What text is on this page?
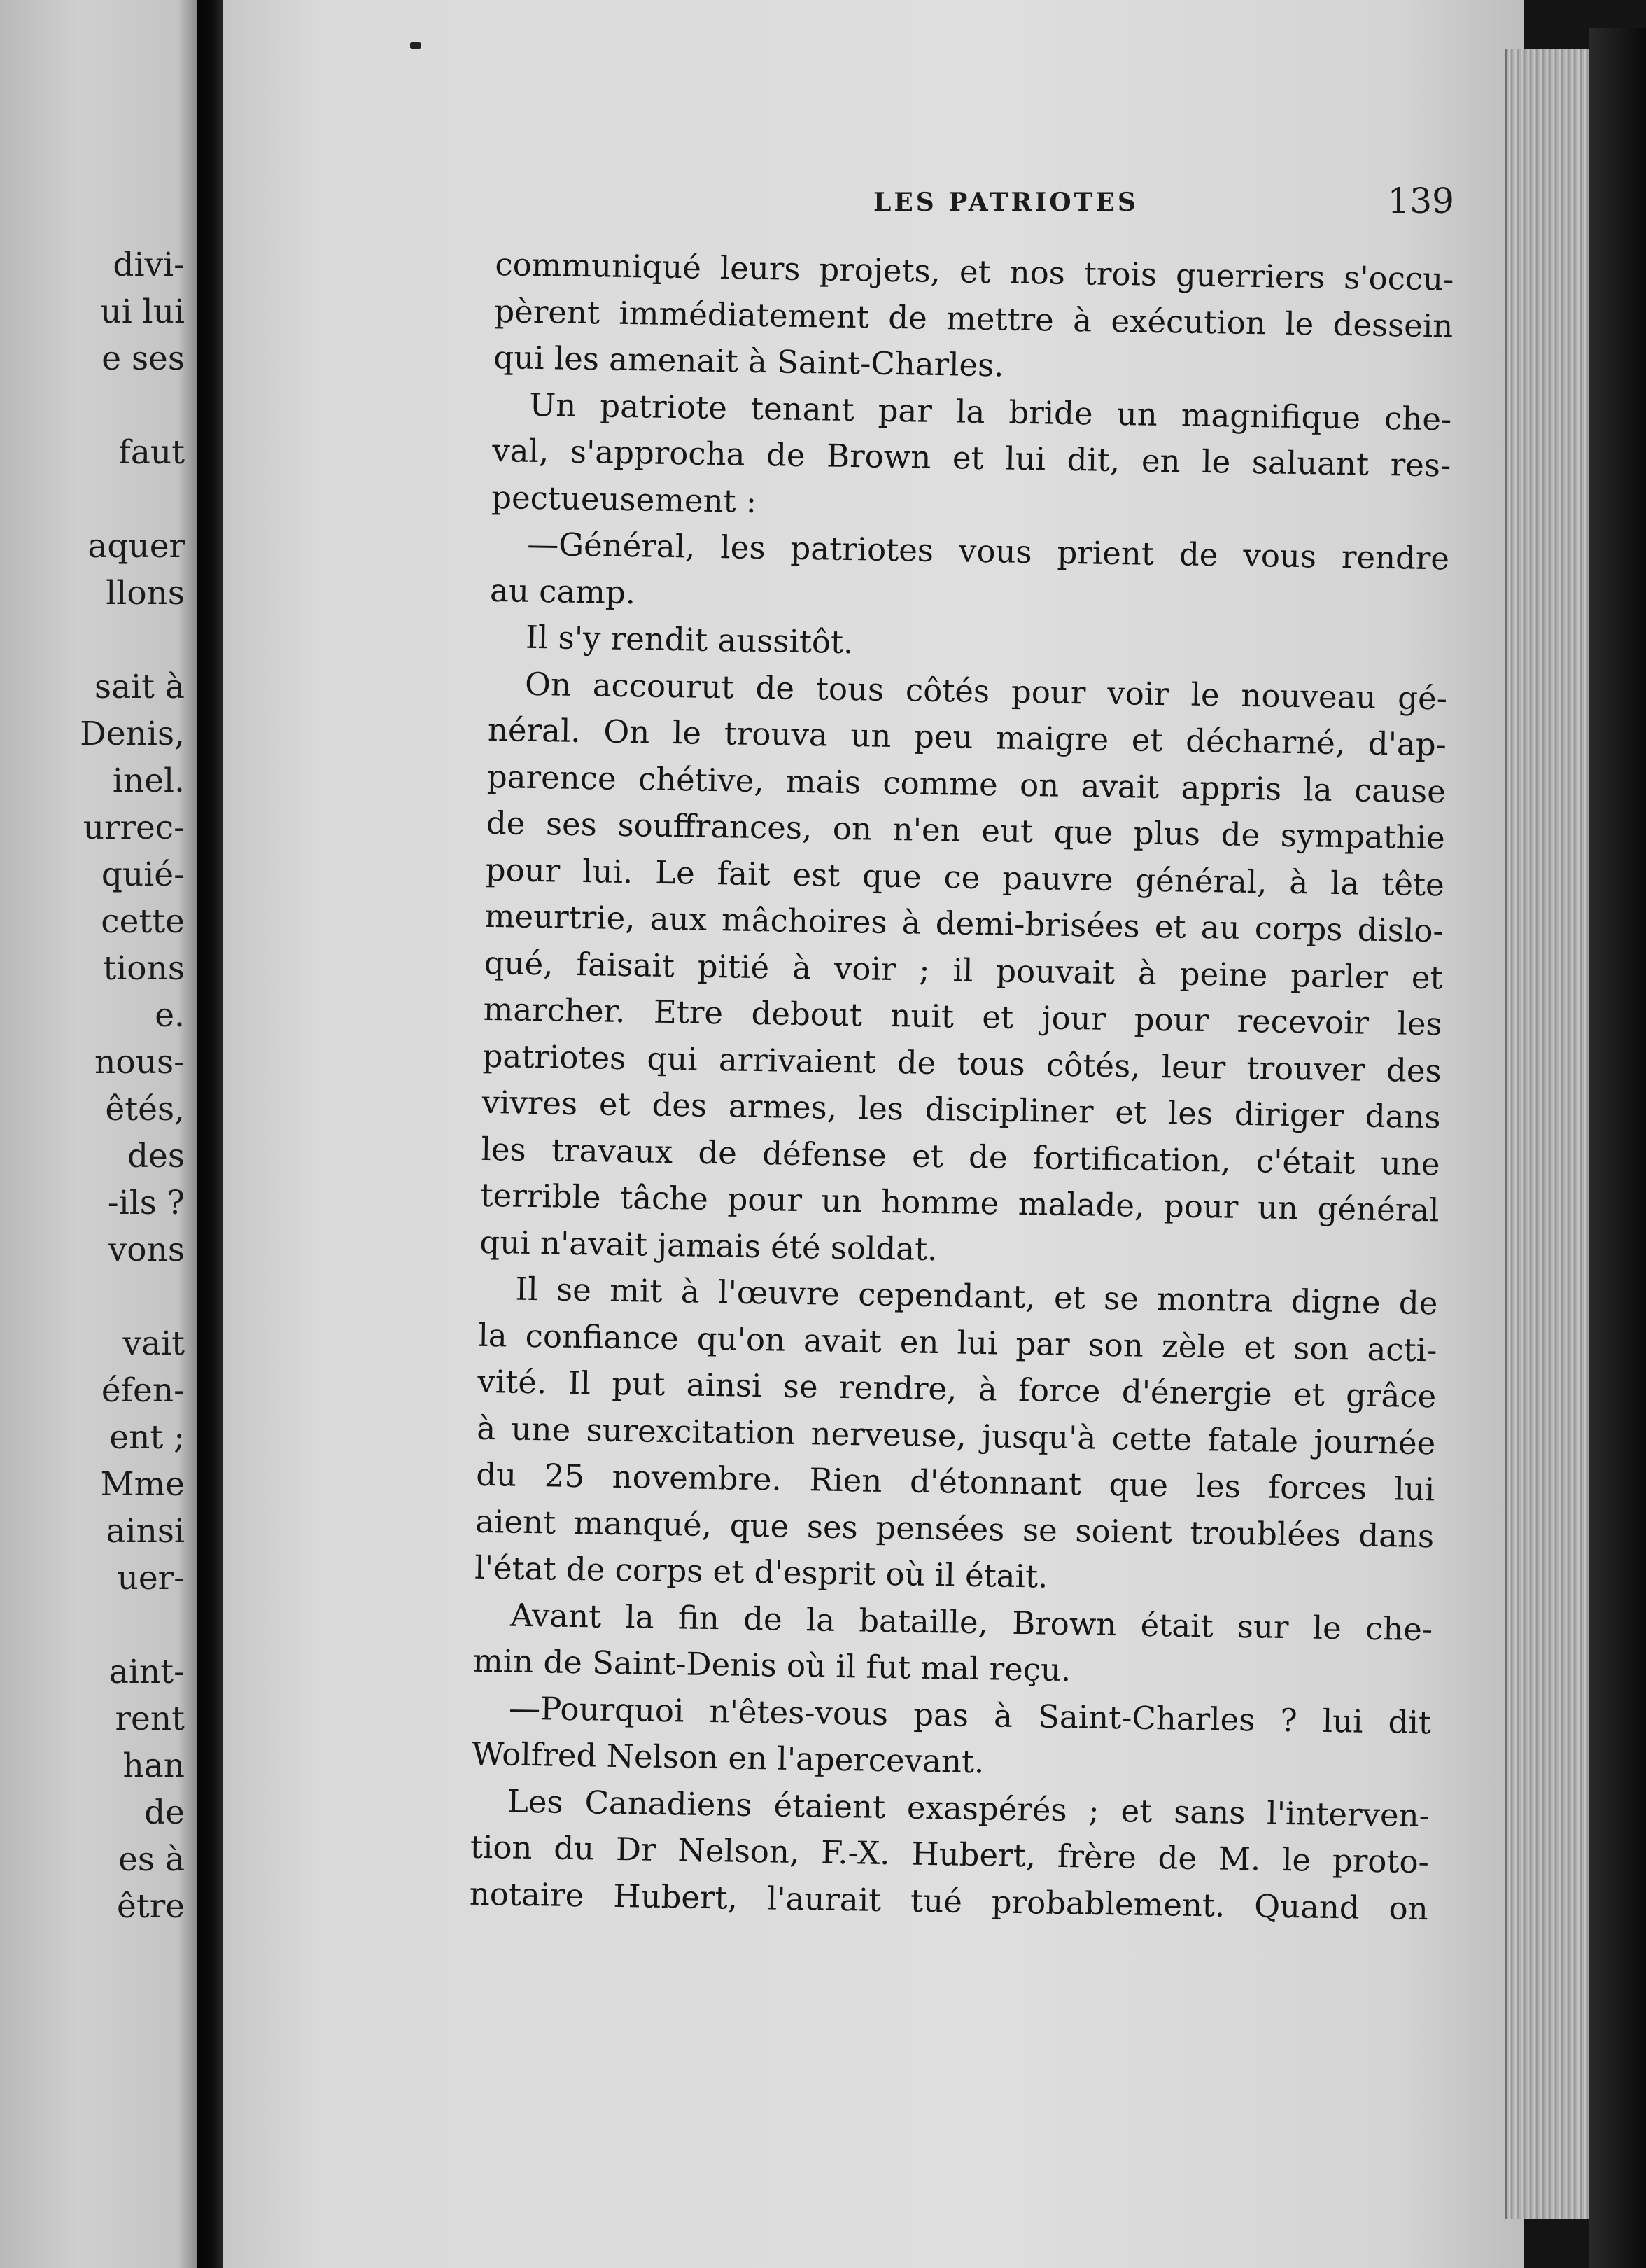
divi-
ui lui
e ses
faut
aquer
llons
sait à
Denis,
inel.
urrec-
quié-
cette
tions
e.
nous-
êtés,
des
-ils ?
vons
vait
éfen-
ent ;
Mme
ainsi
uer-
aint-
rent
han
de
es à
être
LES PATRIOTES	139
communiqué leurs projets, et nos trois guerriers s'occu-
pèrent immédiatement de mettre à exécution le dessein
qui les amenait à Saint-Charles.
Un patriote tenant par la bride un magnifique che-
val, s'approcha de Brown et lui dit, en le saluant res-
pectueusement :
—Général, les patriotes vous prient de vous rendre
au camp.
Il s'y rendit aussitôt.
On accourut de tous côtés pour voir le nouveau gé-
néral. On le trouva un peu maigre et décharné, d'ap-
parence chétive, mais comme on avait appris la cause
de ses souffrances, on n'en eut que plus de sympathie
pour lui. Le fait est que ce pauvre général, à la tête
meurtrie, aux mâchoires à demi-brisées et au corps dislo-
qué, faisait pitié à voir ; il pouvait à peine parler et
marcher. Etre debout nuit et jour pour recevoir les
patriotes qui arrivaient de tous côtés, leur trouver des
vivres et des armes, les discipliner et les diriger dans
les travaux de défense et de fortification, c'était une
terrible tâche pour un homme malade, pour un général
qui n'avait jamais été soldat.
Il se mit à l'œuvre cependant, et se montra digne de
la confiance qu'on avait en lui par son zèle et son acti-
vité. Il put ainsi se rendre, à force d'énergie et grâce
à une surexcitation nerveuse, jusqu'à cette fatale journée
du 25 novembre. Rien d'étonnant que les forces lui
aient manqué, que ses pensées se soient troublées dans
l'état de corps et d'esprit où il était.
Avant la fin de la bataille, Brown était sur le che-
min de Saint-Denis où il fut mal reçu.
—Pourquoi n'êtes-vous pas à Saint-Charles ? lui dit
Wolfred Nelson en l'apercevant.
Les Canadiens étaient exaspérés ; et sans l'interven-
tion du Dr Nelson, F.-X. Hubert, frère de M. le proto-
notaire Hubert, l'aurait tué probablement. Quand on
